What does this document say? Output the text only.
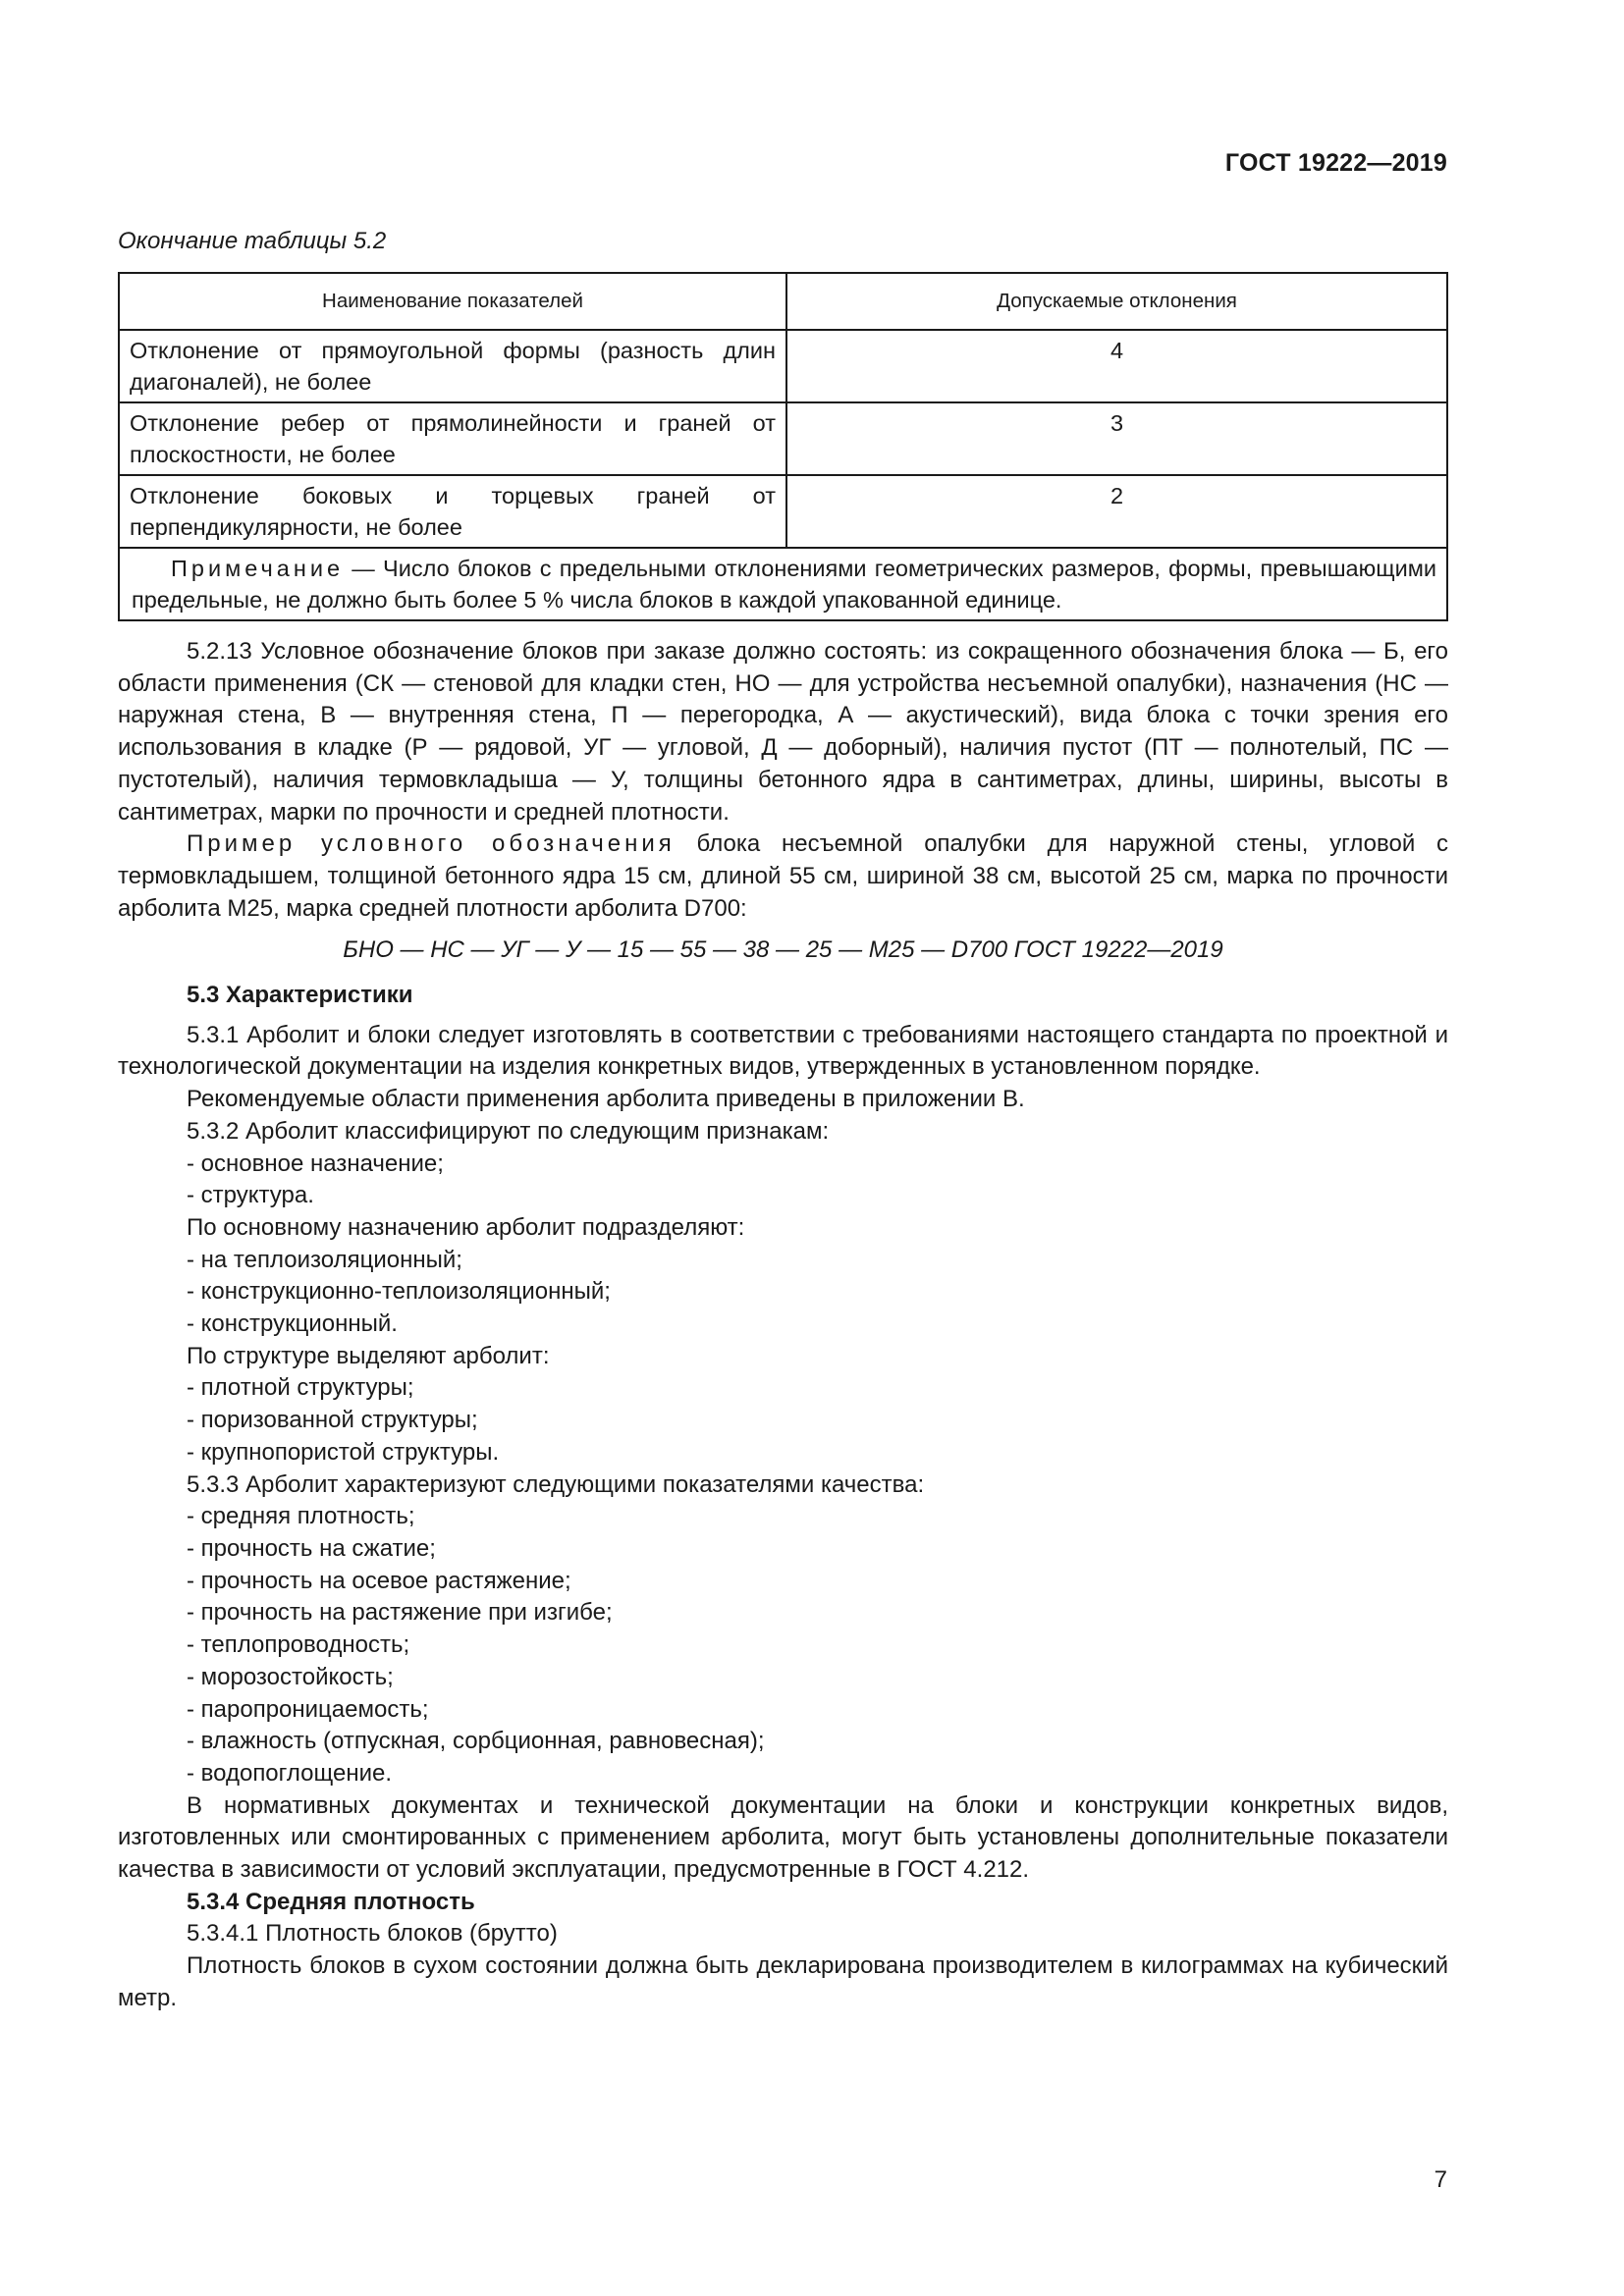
ГОСТ 19222—2019
Окончание таблицы 5.2
Наименование показателей	Допускаемые отклонения
Отклонение от прямоугольной формы (разность длин диагоналей), не более	4
Отклонение ребер от прямолинейности и граней от плоскостности, не более	3
Отклонение боковых и торцевых граней от перпендикулярности, не более	2
Примечание — Число блоков с предельными отклонениями геометрических размеров, формы, превышающими предельные, не должно быть более 5 % числа блоков в каждой упакованной единице.	

5.2.13 Условное обозначение блоков при заказе должно состоять: из сокращенного обозначения блока — Б, его области применения (СК — стеновой для кладки стен, НО — для устройства несъемной опалубки), назначения (НС — наружная стена, В — внутренняя стена, П — перегородка, А — акустический), вида блока с точки зрения его использования в кладке (Р — рядовой, УГ — угловой, Д — доборный), наличия пустот (ПТ — полнотелый, ПС — пустотелый), наличия термовкладыша — У, толщины бетонного ядра в сантиметрах, длины, ширины, высоты в сантиметрах, марки по прочности и средней плотности.

Пример условного обозначения блока несъемной опалубки для наружной стены, угловой с термовкладышем, толщиной бетонного ядра 15 см, длиной 55 см, шириной 38 см, высотой 25 см, марка по прочности арболита М25, марка средней плотности арболита D700:

БНО — НС — УГ — У — 15 — 55 — 38 — 25 — М25 — D700 ГОСТ 19222—2019

5.3 Характеристики

5.3.1 Арболит и блоки следует изготовлять в соответствии с требованиями настоящего стандарта по проектной и технологической документации на изделия конкретных видов, утвержденных в установленном порядке.

Рекомендуемые области применения арболита приведены в приложении В.

5.3.2 Арболит классифицируют по следующим признакам:

- основное назначение;

- структура.

По основному назначению арболит подразделяют:

- на теплоизоляционный;

- конструкционно-теплоизоляционный;

- конструкционный.

По структуре выделяют арболит:

- плотной структуры;

- поризованной структуры;

- крупнопористой структуры.

5.3.3 Арболит характеризуют следующими показателями качества:

- средняя плотность;

- прочность на сжатие;

- прочность на осевое растяжение;

- прочность на растяжение при изгибе;

- теплопроводность;

- морозостойкость;

- паропроницаемость;

- влажность (отпускная, сорбционная, равновесная);

- водопоглощение.

В нормативных документах и технической документации на блоки и конструкции конкретных видов, изготовленных или смонтированных с применением арболита, могут быть установлены дополнительные показатели качества в зависимости от условий эксплуатации, предусмотренные в ГОСТ 4.212.

5.3.4 Средняя плотность

5.3.4.1 Плотность блоков (брутто)

Плотность блоков в сухом состоянии должна быть декларирована производителем в килограммах на кубический метр.

7
